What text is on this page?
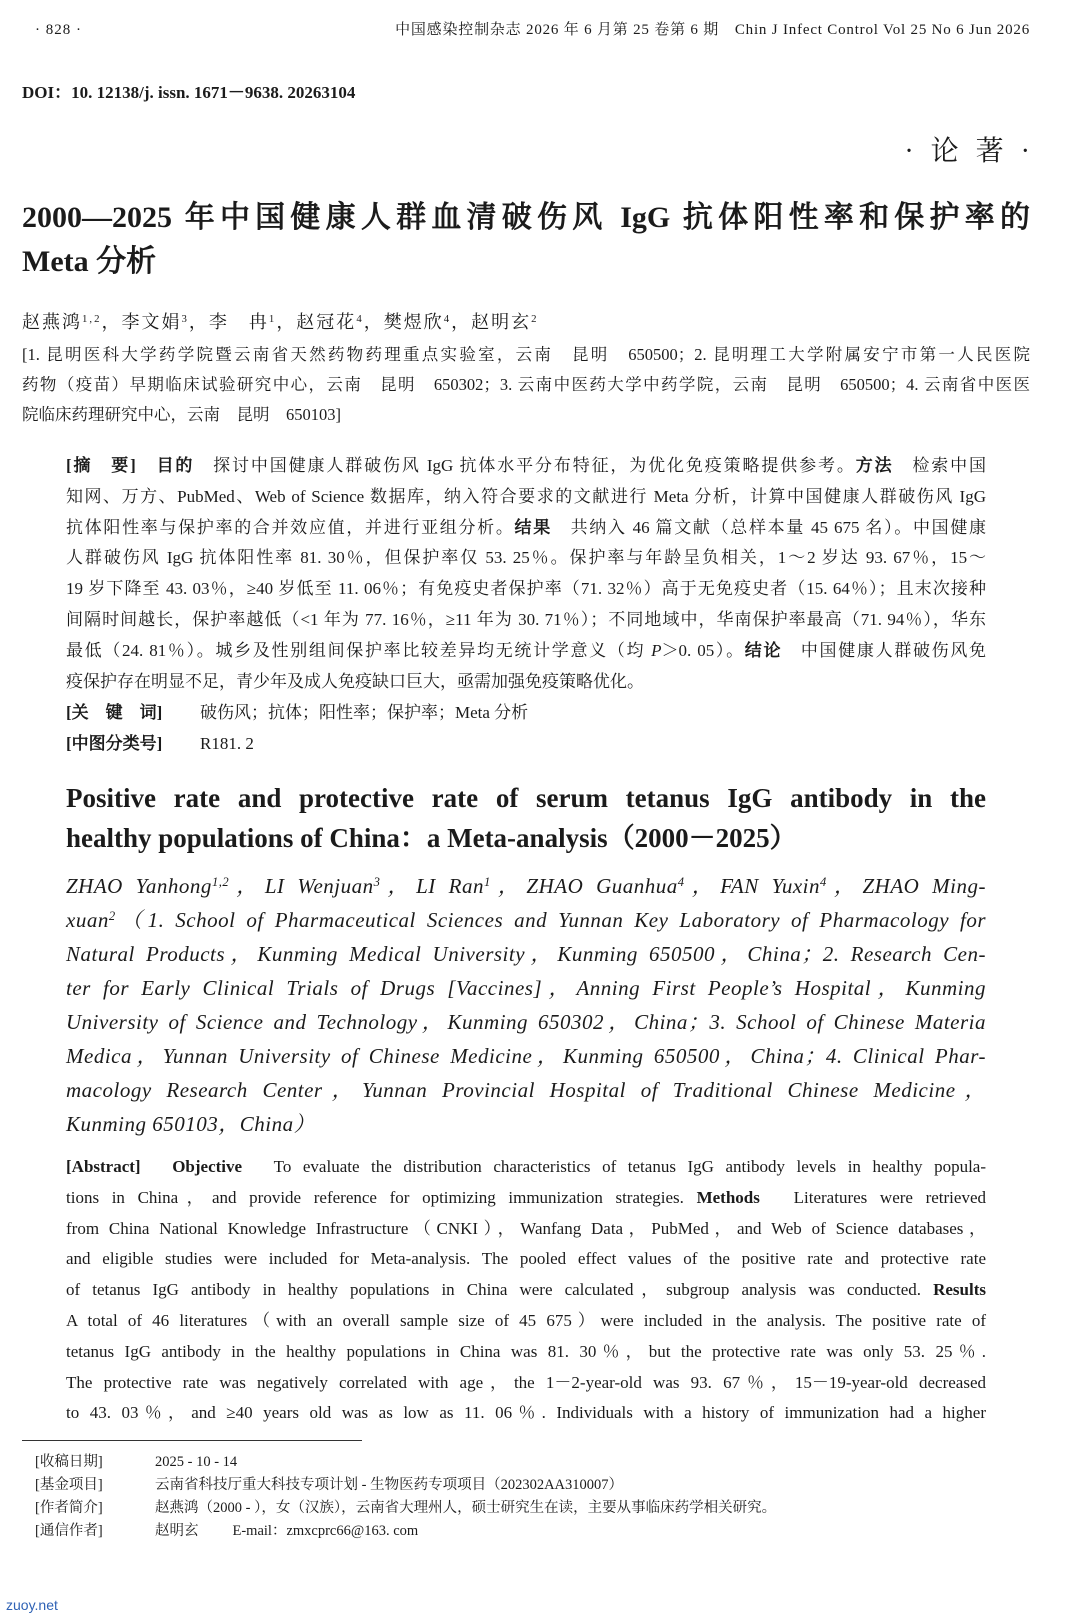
· 828 ·	中国感染控制杂志 2026 年 6 月第 25 卷第 6 期　Chin J Infect Control Vol 25 No 6 Jun 2026
DOI：10. 12138/j. issn. 1671－9638. 20263104
· 论 著 ·
2000—2025 年中国健康人群血清破伤风 IgG 抗体阳性率和保护率的
Meta 分析
赵燕鸿$^{1,2}$，李文娟$^3$，李　冉$^1$，赵冠花$^4$，樊煜欣$^4$，赵明玄$^2$
[1. 昆明医科大学药学院暨云南省天然药物药理重点实验室，云南　昆明　650500；2. 昆明理工大学附属安宁市第一人民医院
药物（疫苗）早期临床试验研究中心，云南　昆明　650302；3. 云南中医药大学中药学院，云南　昆明　650500；4. 云南省中医医
院临床药理研究中心，云南　昆明　650103]
[摘　要]　目的　探讨中国健康人群破伤风 IgG 抗体水平分布特征，为优化免疫策略提供参考。方法　检索中国
知网、万方、PubMed、Web of Science 数据库，纳入符合要求的文献进行 Meta 分析，计算中国健康人群破伤风 IgG
抗体阳性率与保护率的合并效应值，并进行亚组分析。结果　共纳入 46 篇文献（总样本量 45 675 名）。中国健康
人群破伤风 IgG 抗体阳性率 81. 30％，但保护率仅 53. 25％。保护率与年龄呈负相关，1～2 岁达 93. 67％，15～
19 岁下降至 43. 03％，≥40 岁低至 11. 06％；有免疫史者保护率（71. 32％）高于无免疫史者（15. 64％）；且末次接种
间隔时间越长，保护率越低（<1 年为 77. 16％，≥11 年为 30. 71％）；不同地域中，华南保护率最高（71. 94％），华东
最低（24. 81％）。城乡及性别组间保护率比较差异均无统计学意义（均 P＞0. 05）。结论　中国健康人群破伤风免
疫保护存在明显不足，青少年及成人免疫缺口巨大，亟需加强免疫策略优化。
[关　键　词] 破伤风；抗体；阳性率；保护率；Meta 分析
[中图分类号] R181. 2
Positive rate and protective rate of serum tetanus IgG antibody in the
healthy populations of China：a Meta-analysis（2000－2025）
ZHAO Yanhong$^{1,2}$，LI Wenjuan$^3$，LI Ran$^1$，ZHAO Guanhua$^4$，FAN Yuxin$^4$，ZHAO Ming-
xuan$^2$（1. School of Pharmaceutical Sciences and Yunnan Key Laboratory of Pharmacology for
Natural Products，Kunming Medical University，Kunming 650500，China；2. Research Cen-
ter for Early Clinical Trials of Drugs [Vaccines]，Anning First People’s Hospital，Kunming
University of Science and Technology，Kunming 650302，China；3. School of Chinese Materia
Medica，Yunnan University of Chinese Medicine，Kunming 650500，China；4. Clinical Phar-
macology Research Center，Yunnan Provincial Hospital of Traditional Chinese Medicine，
Kunming 650103，China）
[Abstract]　Objective　To evaluate the distribution characteristics of tetanus IgG antibody levels in healthy popula-
tions in China，and provide reference for optimizing immunization strategies. Methods　Literatures were retrieved
from China National Knowledge Infrastructure（CNKI），Wanfang Data，PubMed，and Web of Science databases，
and eligible studies were included for Meta-analysis. The pooled effect values of the positive rate and protective rate
of tetanus IgG antibody in healthy populations in China were calculated，subgroup analysis was conducted. Results
A total of 46 literatures（with an overall sample size of 45 675）were included in the analysis. The positive rate of
tetanus IgG antibody in the healthy populations in China was 81. 30％，but the protective rate was only 53. 25％.
The protective rate was negatively correlated with age，the 1－2-year-old was 93. 67％，15－19-year-old decreased
to 43. 03％，and ≥40 years old was as low as 11. 06％. Individuals with a history of immunization had a higher
[收稿日期]	2025 - 10 - 14
[基金项目]	云南省科技厅重大科技专项计划 - 生物医药专项项目（202302AA310007）
[作者简介]	赵燕鸿（2000 - ），女（汉族），云南省大理州人，硕士研究生在读，主要从事临床药学相关研究。
[通信作者]	赵明玄 E-mail：zmxcprc66@163. com
zuoy.net
